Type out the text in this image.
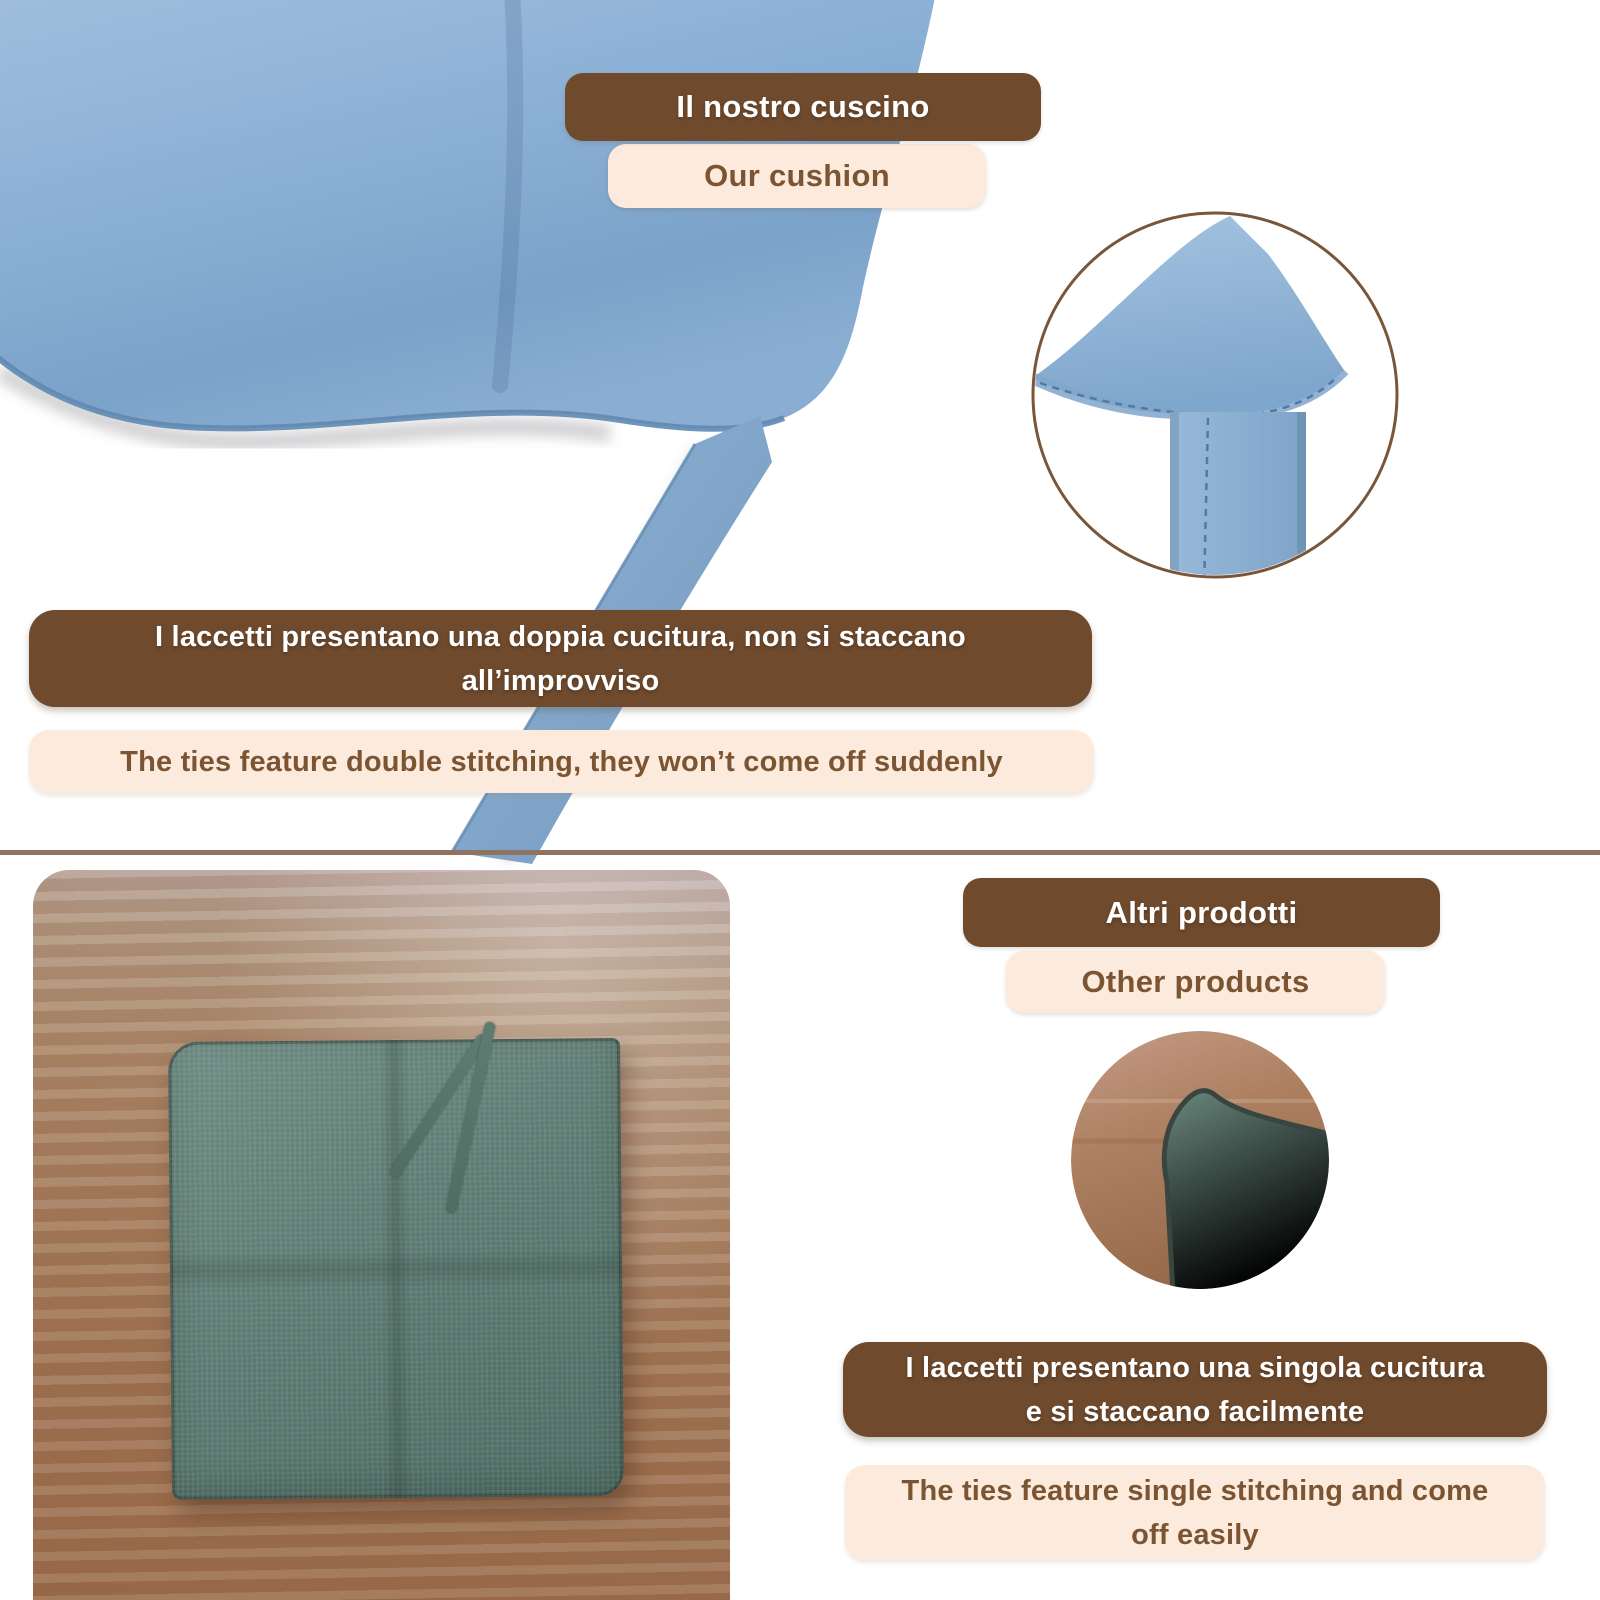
Il nostro cuscino
Our cushion
I laccetti presentano una doppia cucitura, non si staccano
all’improvviso
The ties feature double stitching, they won’t come off suddenly
Altri prodotti
Other products
I laccetti presentano una singola cucitura
e si staccano facilmente
The ties feature single stitching and come
off easily
